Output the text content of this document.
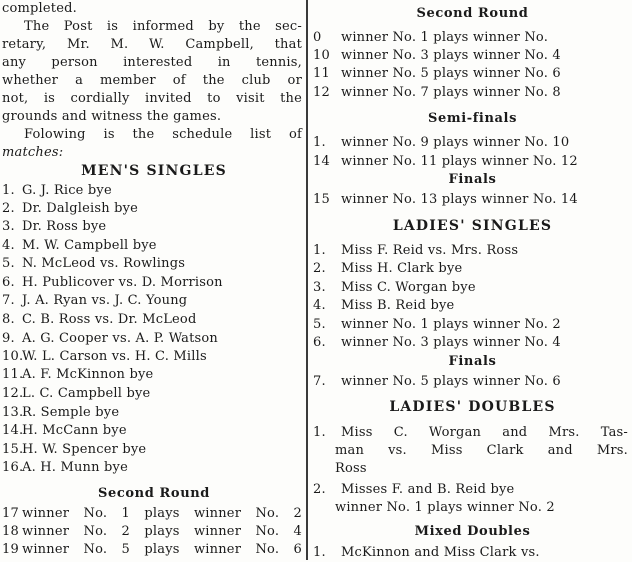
completed.
The Post is informed by the sec-
retary, Mr. M. W. Campbell, that
any person interested in tennis,
whether a member of the club or
not, is cordially invited to visit the
grounds and witness the games.
Folowing is the schedule list of
matches:
MEN'S SINGLES
1. G. J. Rice bye
2. Dr. Dalgleish bye
3. Dr. Ross bye
4. M. W. Campbell bye
5. N. McLeod vs. Rowlings
6. H. Publicover vs. D. Morrison
7. J. A. Ryan vs. J. C. Young
8. C. B. Ross vs. Dr. McLeod
9. A. G. Cooper vs. A. P. Watson
10.W. L. Carson vs. H. C. Mills
11.A. F. McKinnon bye
12.L. C. Campbell bye
13.R. Semple bye
14.H. McCann bye
15.H. W. Spencer bye
16.A. H. Munn bye
Second Round
17 winner No. 1 plays winner No. 2
18 winner No. 2 plays winner No. 4
19 winner No. 5 plays winner No. 6
Second Round
0 winner No. 1 plays winner No.
10 winner No. 3 plays winner No. 4
11 winner No. 5 plays winner No. 6
12 winner No. 7 plays winner No. 8
Semi-finals
1. winner No. 9 plays winner No. 10
14 winner No. 11 plays winner No. 12
Finals
15 winner No. 13 plays winner No. 14
LADIES' SINGLES
1. Miss F. Reid vs. Mrs. Ross
2. Miss H. Clark bye
3. Miss C. Worgan bye
4. Miss B. Reid bye
5. winner No. 1 plays winner No. 2
6. winner No. 3 plays winner No. 4
Finals
7. winner No. 5 plays winner No. 6
LADIES' DOUBLES
1. Miss C. Worgan and Mrs. Tas-
man vs. Miss Clark and Mrs.
Ross
2. Misses F. and B. Reid bye
winner No. 1 plays winner No. 2
Mixed Doubles
1. McKinnon and Miss Clark vs.
